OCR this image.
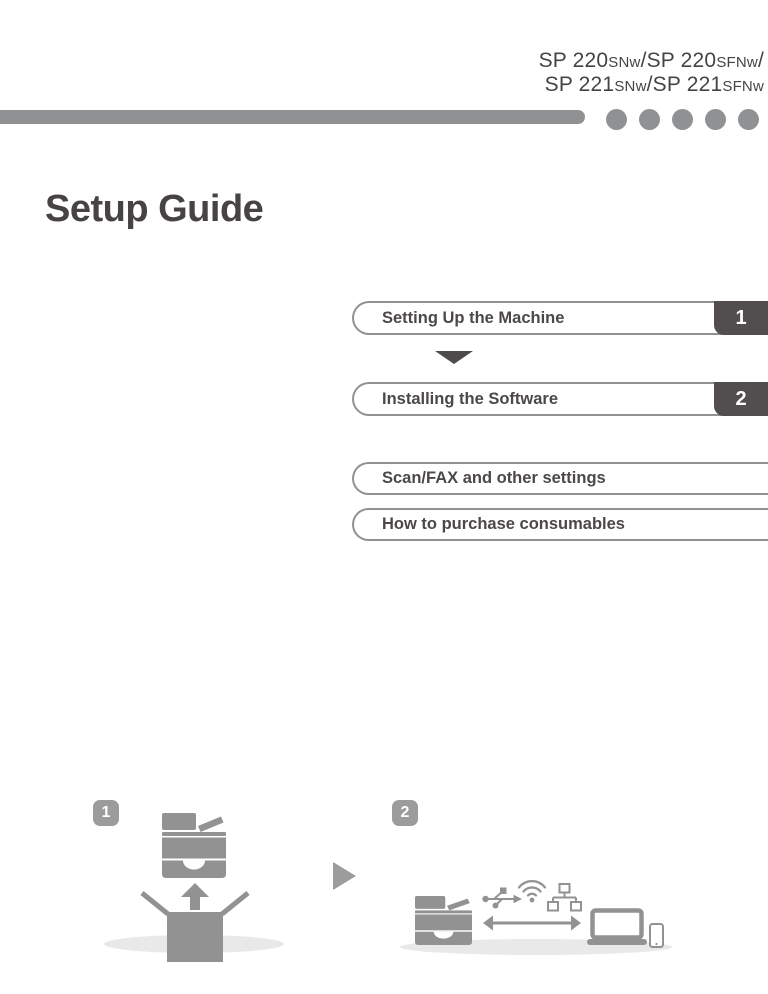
SP 220SNw/SP 220SFNw/
SP 221SNw/SP 221SFNw
Setup Guide
Setting Up the Machine	1
Installing the Software	2
Scan/FAX and other settings
How to purchase consumables
1	2
